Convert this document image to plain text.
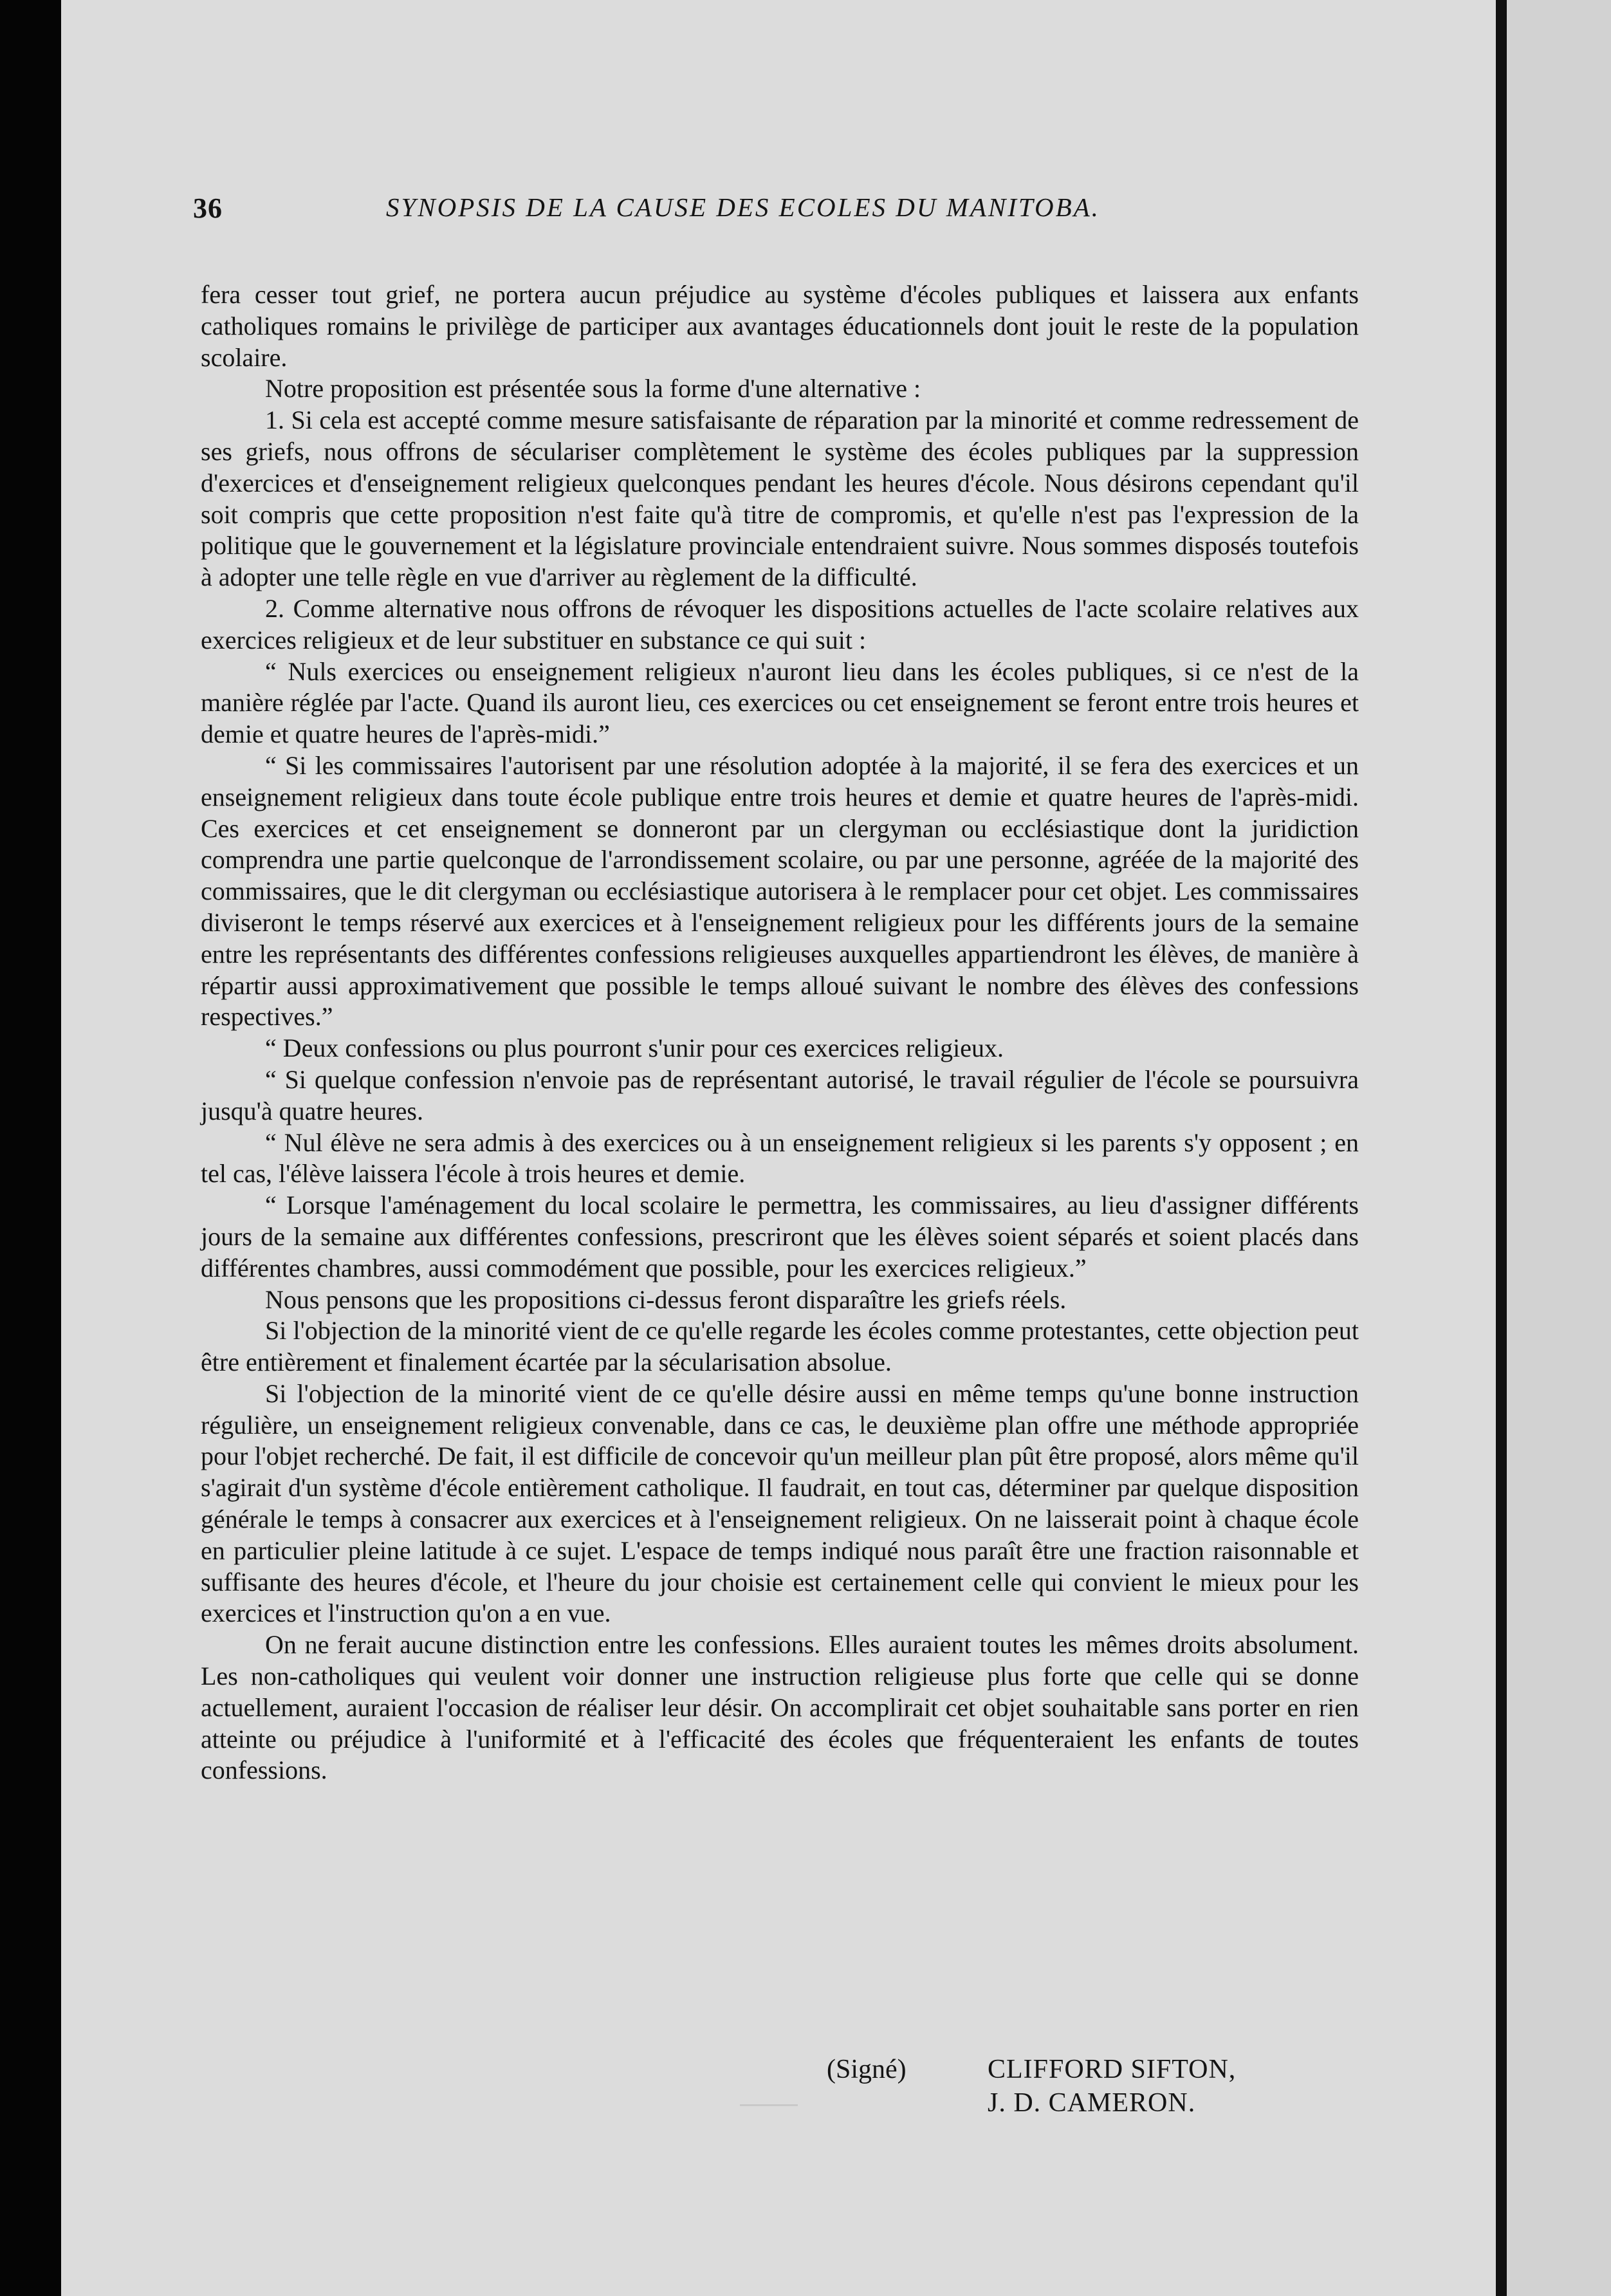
36	SYNOPSIS DE LA CAUSE DES ECOLES DU MANITOBA.

fera cesser tout grief, ne portera aucun préjudice au système d'écoles publiques et laissera aux enfants catholiques romains le privilège de participer aux avantages éducationnels dont jouit le reste de la population scolaire.

Notre proposition est présentée sous la forme d'une alternative :

1. Si cela est accepté comme mesure satisfaisante de réparation par la minorité et comme redressement de ses griefs, nous offrons de séculariser complètement le système des écoles publiques par la suppression d'exercices et d'enseignement religieux quelconques pendant les heures d'école. Nous désirons cependant qu'il soit compris que cette proposition n'est faite qu'à titre de compromis, et qu'elle n'est pas l'expression de la politique que le gouvernement et la législature provinciale entendraient suivre. Nous sommes disposés toutefois à adopter une telle règle en vue d'arriver au règlement de la difficulté.

2. Comme alternative nous offrons de révoquer les dispositions actuelles de l'acte scolaire relatives aux exercices religieux et de leur substituer en substance ce qui suit :

“ Nuls exercices ou enseignement religieux n'auront lieu dans les écoles publiques, si ce n'est de la manière réglée par l'acte. Quand ils auront lieu, ces exercices ou cet enseignement se feront entre trois heures et demie et quatre heures de l'après-midi.”

“ Si les commissaires l'autorisent par une résolution adoptée à la majorité, il se fera des exercices et un enseignement religieux dans toute école publique entre trois heures et demie et quatre heures de l'après-midi. Ces exercices et cet enseignement se donneront par un clergyman ou ecclésiastique dont la juridiction comprendra une partie quelconque de l'arrondissement scolaire, ou par une personne, agréée de la majorité des commissaires, que le dit clergyman ou ecclésiastique autorisera à le remplacer pour cet objet. Les commissaires diviseront le temps réservé aux exercices et à l'enseignement religieux pour les différents jours de la semaine entre les représentants des différentes confessions religieuses auxquelles appartiendront les élèves, de manière à répartir aussi approximativement que possible le temps alloué suivant le nombre des élèves des confessions respectives.”

“ Deux confessions ou plus pourront s'unir pour ces exercices religieux.

“ Si quelque confession n'envoie pas de représentant autorisé, le travail régulier de l'école se poursuivra jusqu'à quatre heures.

“ Nul élève ne sera admis à des exercices ou à un enseignement religieux si les parents s'y opposent ; en tel cas, l'élève laissera l'école à trois heures et demie.

“ Lorsque l'aménagement du local scolaire le permettra, les commissaires, au lieu d'assigner différents jours de la semaine aux différentes confessions, prescriront que les élèves soient séparés et soient placés dans différentes chambres, aussi commodément que possible, pour les exercices religieux.”

Nous pensons que les propositions ci-dessus feront disparaître les griefs réels.

Si l'objection de la minorité vient de ce qu'elle regarde les écoles comme protestantes, cette objection peut être entièrement et finalement écartée par la sécularisation absolue.

Si l'objection de la minorité vient de ce qu'elle désire aussi en même temps qu'une bonne instruction régulière, un enseignement religieux convenable, dans ce cas, le deuxième plan offre une méthode appropriée pour l'objet recherché. De fait, il est difficile de concevoir qu'un meilleur plan pût être proposé, alors même qu'il s'agirait d'un système d'école entièrement catholique. Il faudrait, en tout cas, déterminer par quelque disposition générale le temps à consacrer aux exercices et à l'enseignement religieux. On ne laisserait point à chaque école en particulier pleine latitude à ce sujet. L'espace de temps indiqué nous paraît être une fraction raisonnable et suffisante des heures d'école, et l'heure du jour choisie est certainement celle qui convient le mieux pour les exercices et l'instruction qu'on a en vue.

On ne ferait aucune distinction entre les confessions. Elles auraient toutes les mêmes droits absolument. Les non-catholiques qui veulent voir donner une instruction religieuse plus forte que celle qui se donne actuellement, auraient l'occasion de réaliser leur désir. On accomplirait cet objet souhaitable sans porter en rien atteinte ou préjudice à l'uniformité et à l'efficacité des écoles que fréquenteraient les enfants de toutes confessions.

(Signé)	CLIFFORD SIFTON,
J. D. CAMERON.
